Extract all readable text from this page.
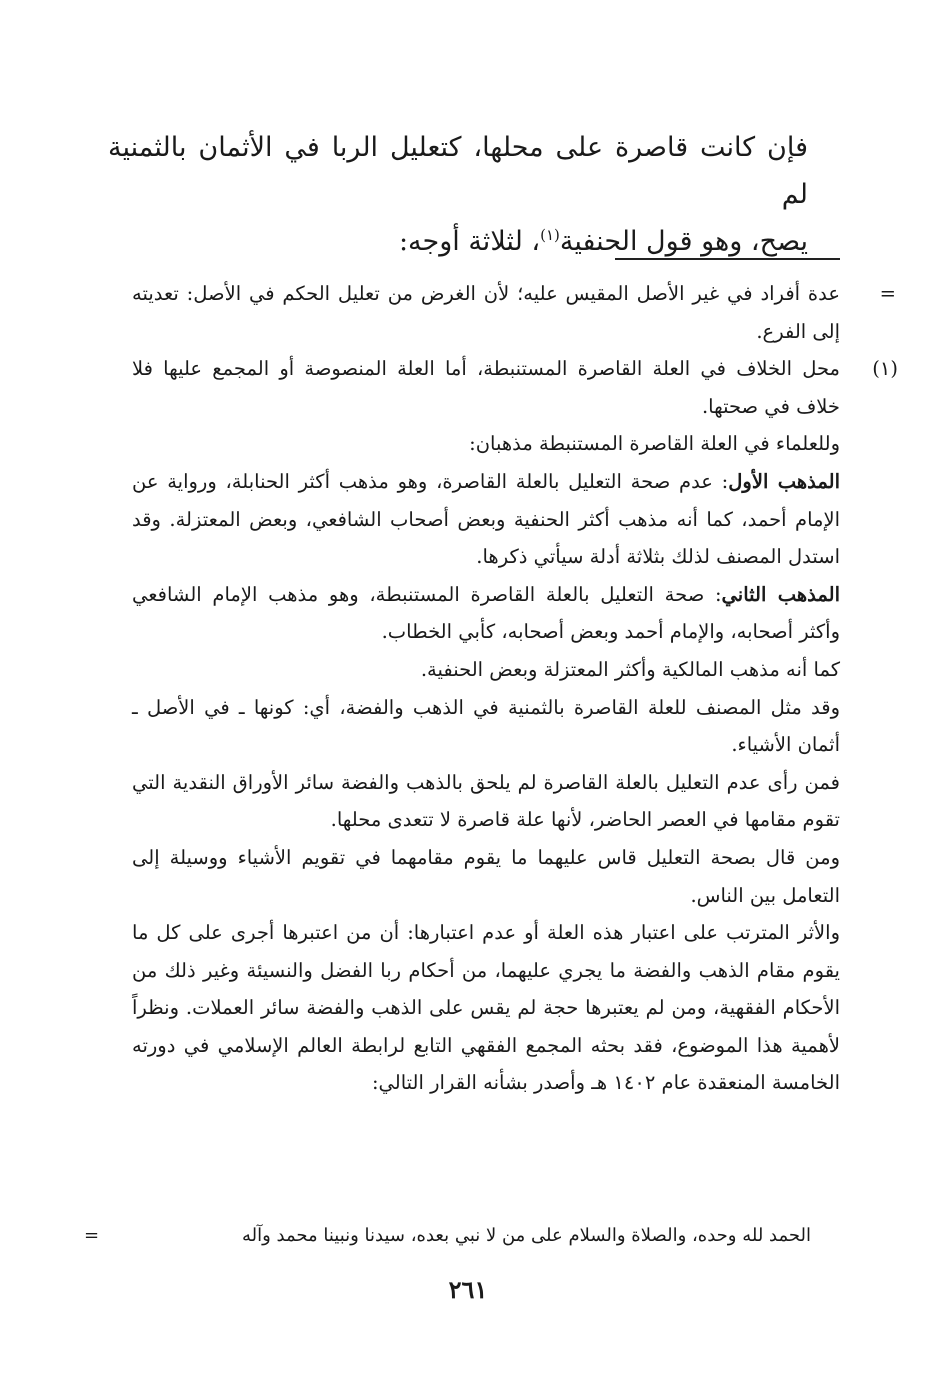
فإن كانت قاصرة على محلها، كتعليل الربا في الأثمان بالثمنية لم
يصح، وهو قول الحنفية$^{(١)}$، لثلاثة أوجه:

=
عدة أفراد في غير الأصل المقيس عليه؛ لأن الغرض من تعليل الحكم في الأصل: تعديته إلى الفرع.

(١)
محل الخلاف في العلة القاصرة المستنبطة، أما العلة المنصوصة أو المجمع عليها فلا خلاف في صحتها.

وللعلماء في العلة القاصرة المستنبطة مذهبان:

المذهب الأول: عدم صحة التعليل بالعلة القاصرة، وهو مذهب أكثر الحنابلة، ورواية عن الإمام أحمد، كما أنه مذهب أكثر الحنفية وبعض أصحاب الشافعي، وبعض المعتزلة. وقد استدل المصنف لذلك بثلاثة أدلة سيأتي ذكرها.

المذهب الثاني: صحة التعليل بالعلة القاصرة المستنبطة، وهو مذهب الإمام الشافعي وأكثر أصحابه، والإمام أحمد وبعض أصحابه، كأبي الخطاب.

كما أنه مذهب المالكية وأكثر المعتزلة وبعض الحنفية.

وقد مثل المصنف للعلة القاصرة بالثمنية في الذهب والفضة، أي: كونها ـ في الأصل ـ أثمان الأشياء.

فمن رأى عدم التعليل بالعلة القاصرة لم يلحق بالذهب والفضة سائر الأوراق النقدية التي تقوم مقامها في العصر الحاضر، لأنها علة قاصرة لا تتعدى محلها.

ومن قال بصحة التعليل قاس عليهما ما يقوم مقامهما في تقويم الأشياء ووسيلة إلى التعامل بين الناس.

والأثر المترتب على اعتبار هذه العلة أو عدم اعتبارها: أن من اعتبرها أجرى على كل ما يقوم مقام الذهب والفضة ما يجري عليهما، من أحكام ربا الفضل والنسيئة وغير ذلك من الأحكام الفقهية، ومن لم يعتبرها حجة لم يقس على الذهب والفضة سائر العملات. ونظراً لأهمية هذا الموضوع، فقد بحثه المجمع الفقهي التابع لرابطة العالم الإسلامي في دورته الخامسة المنعقدة عام ١٤٠٢ هـ وأصدر بشأنه القرار التالي:

الحمد لله وحده، والصلاة والسلام على من لا نبي بعده، سيدنا ونبينا محمد وآله
=
٢٦١
